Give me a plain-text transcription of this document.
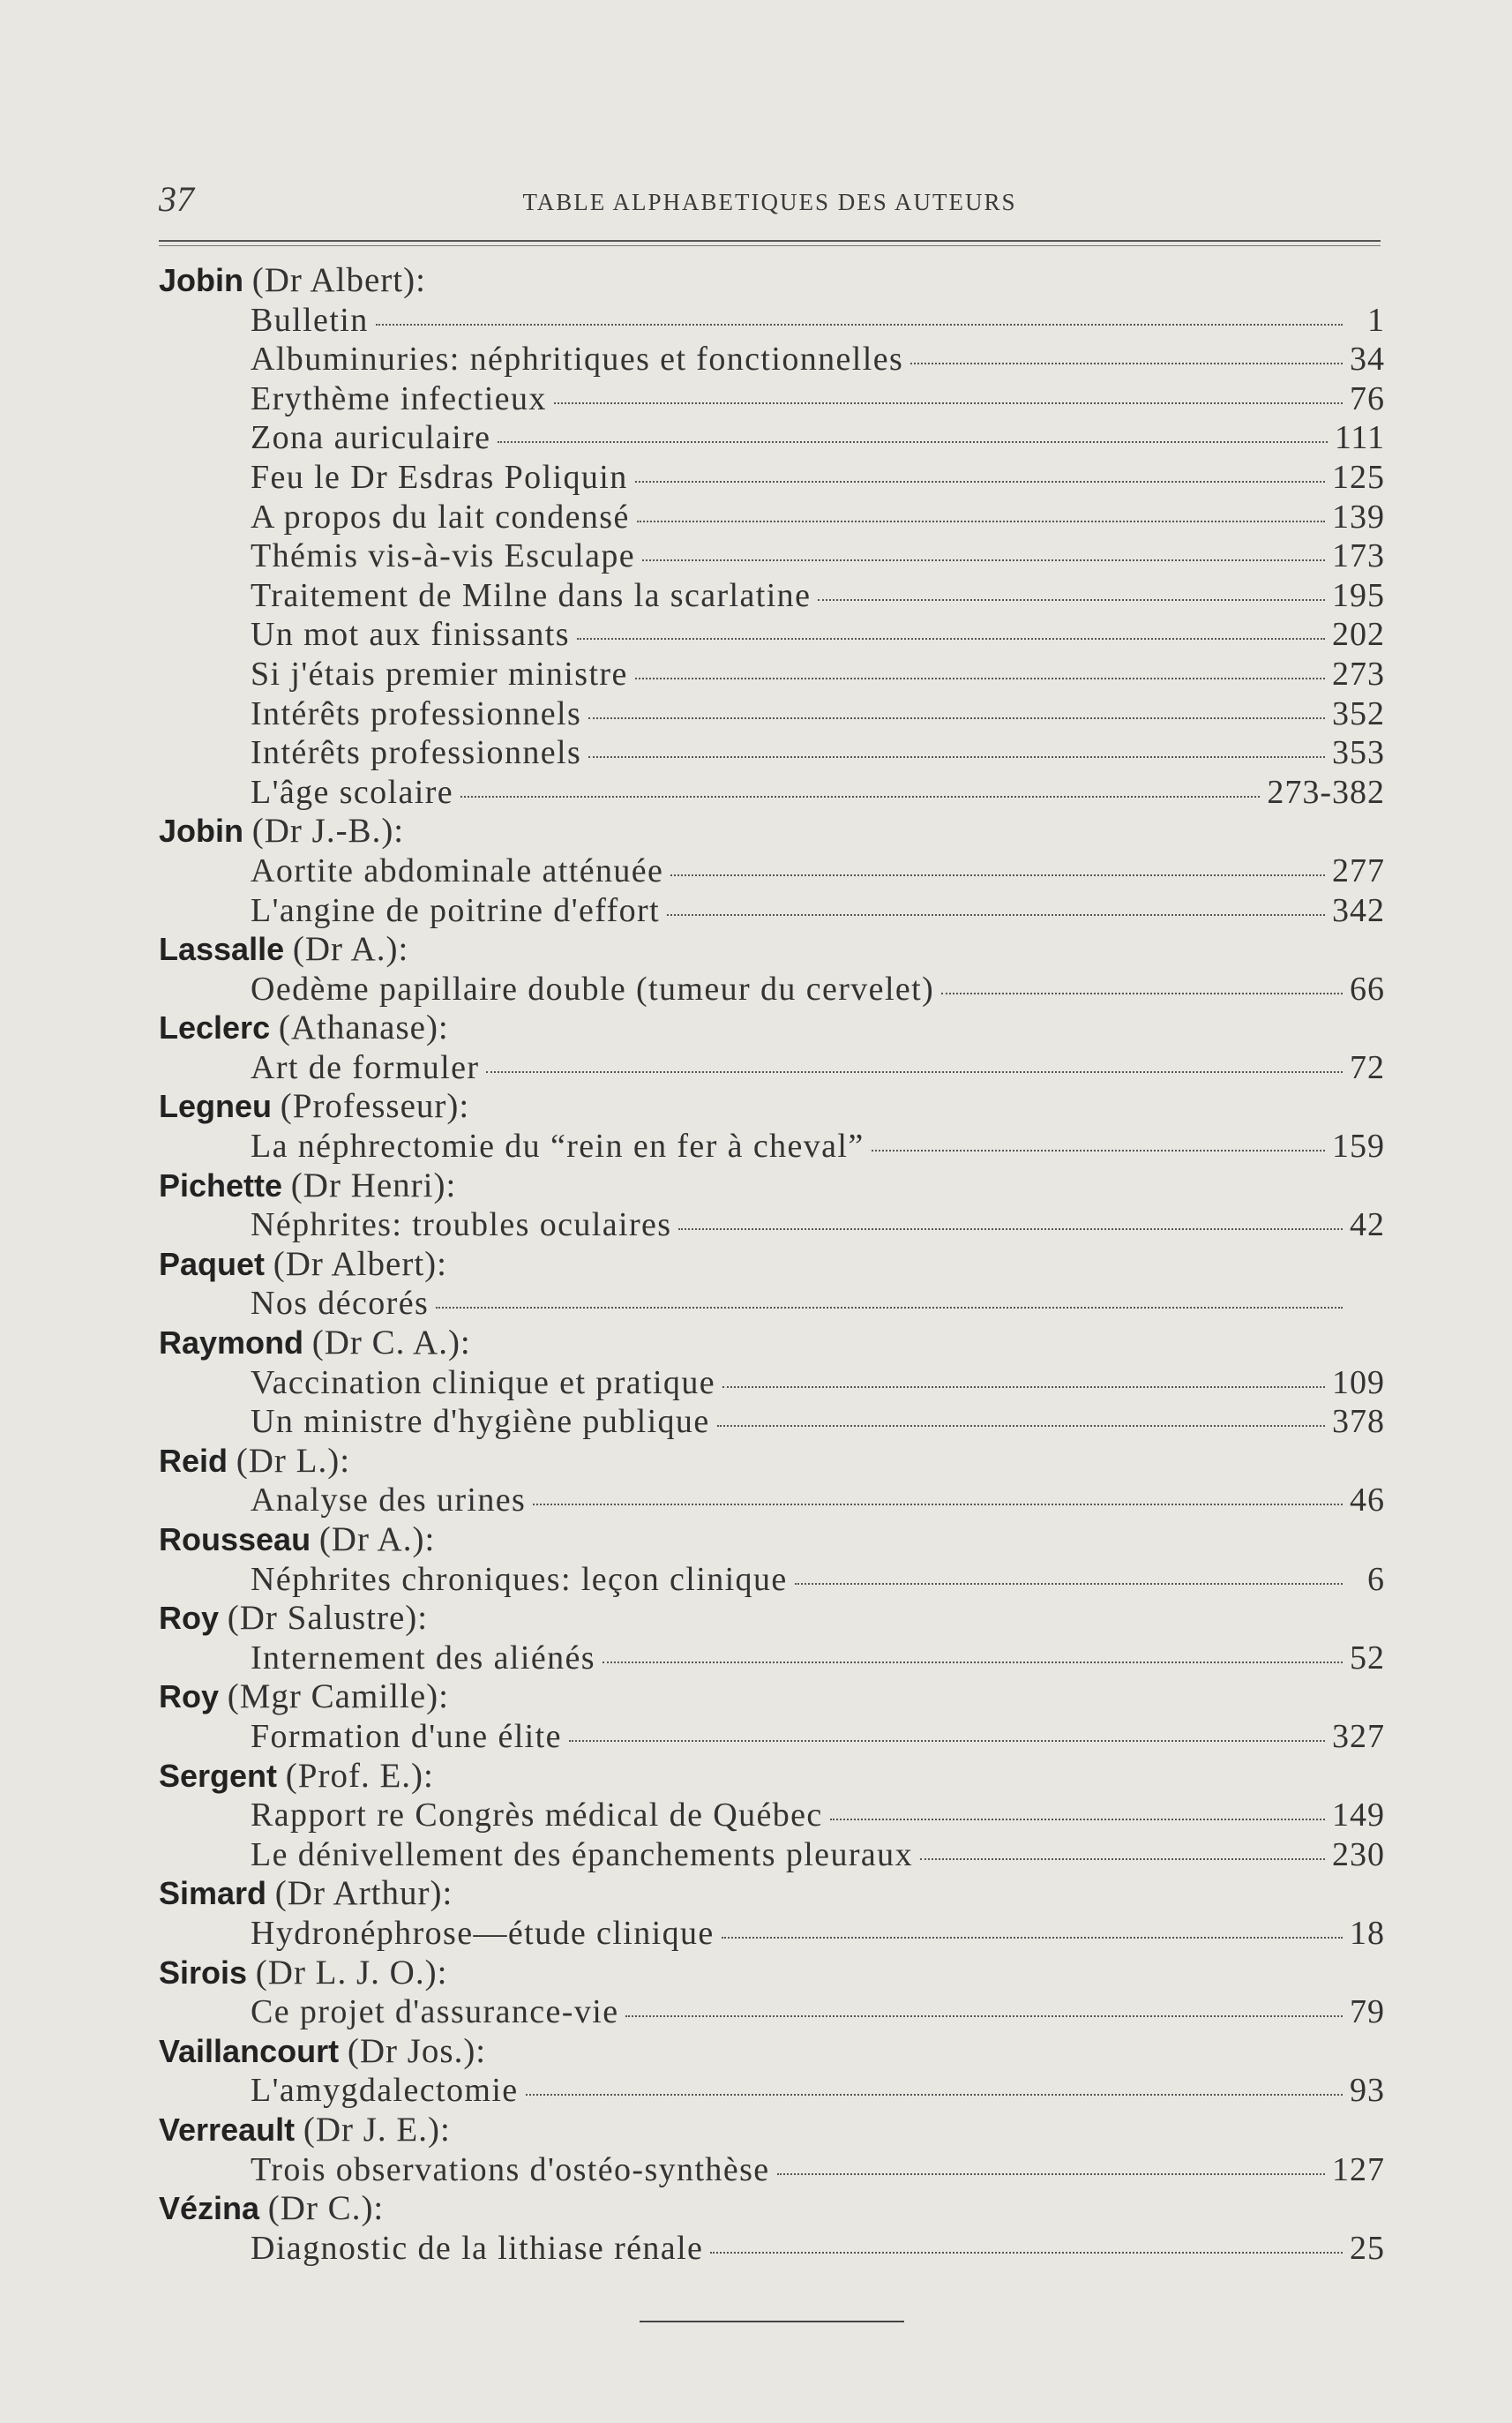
37	TABLE ALPHABETIQUES DES AUTEURS
Jobin (Dr Albert):
Bulletin	1
Albuminuries: néphritiques et fonctionnelles	34
Erythème infectieux	76
Zona auriculaire	111
Feu le Dr Esdras Poliquin	125
A propos du lait condensé	139
Thémis vis-à-vis Esculape	173
Traitement de Milne dans la scarlatine	195
Un mot aux finissants	202
Si j'étais premier ministre	273
Intérêts professionnels	352
Intérêts professionnels	353
L'âge scolaire	273-382
Jobin (Dr J.-B.):
Aortite abdominale atténuée	277
L'angine de poitrine d'effort	342
Lassalle (Dr A.):
Oedème papillaire double (tumeur du cervelet)	66
Leclerc (Athanase):
Art de formuler	72
Legneu (Professeur):
La néphrectomie du “rein en fer à cheval”	159
Pichette (Dr Henri):
Néphrites: troubles oculaires	42
Paquet (Dr Albert):
Nos décorés
Raymond (Dr C. A.):
Vaccination clinique et pratique	109
Un ministre d'hygiène publique	378
Reid (Dr L.):
Analyse des urines	46
Rousseau (Dr A.):
Néphrites chroniques: leçon clinique	6
Roy (Dr Salustre):
Internement des aliénés	52
Roy (Mgr Camille):
Formation d'une élite	327
Sergent (Prof. E.):
Rapport re Congrès médical de Québec	149
Le dénivellement des épanchements pleuraux	230
Simard (Dr Arthur):
Hydronéphrose—étude clinique	18
Sirois (Dr L. J. O.):
Ce projet d'assurance-vie	79
Vaillancourt (Dr Jos.):
L'amygdalectomie	93
Verreault (Dr J. E.):
Trois observations d'ostéo-synthèse	127
Vézina (Dr C.):
Diagnostic de la lithiase rénale	25
